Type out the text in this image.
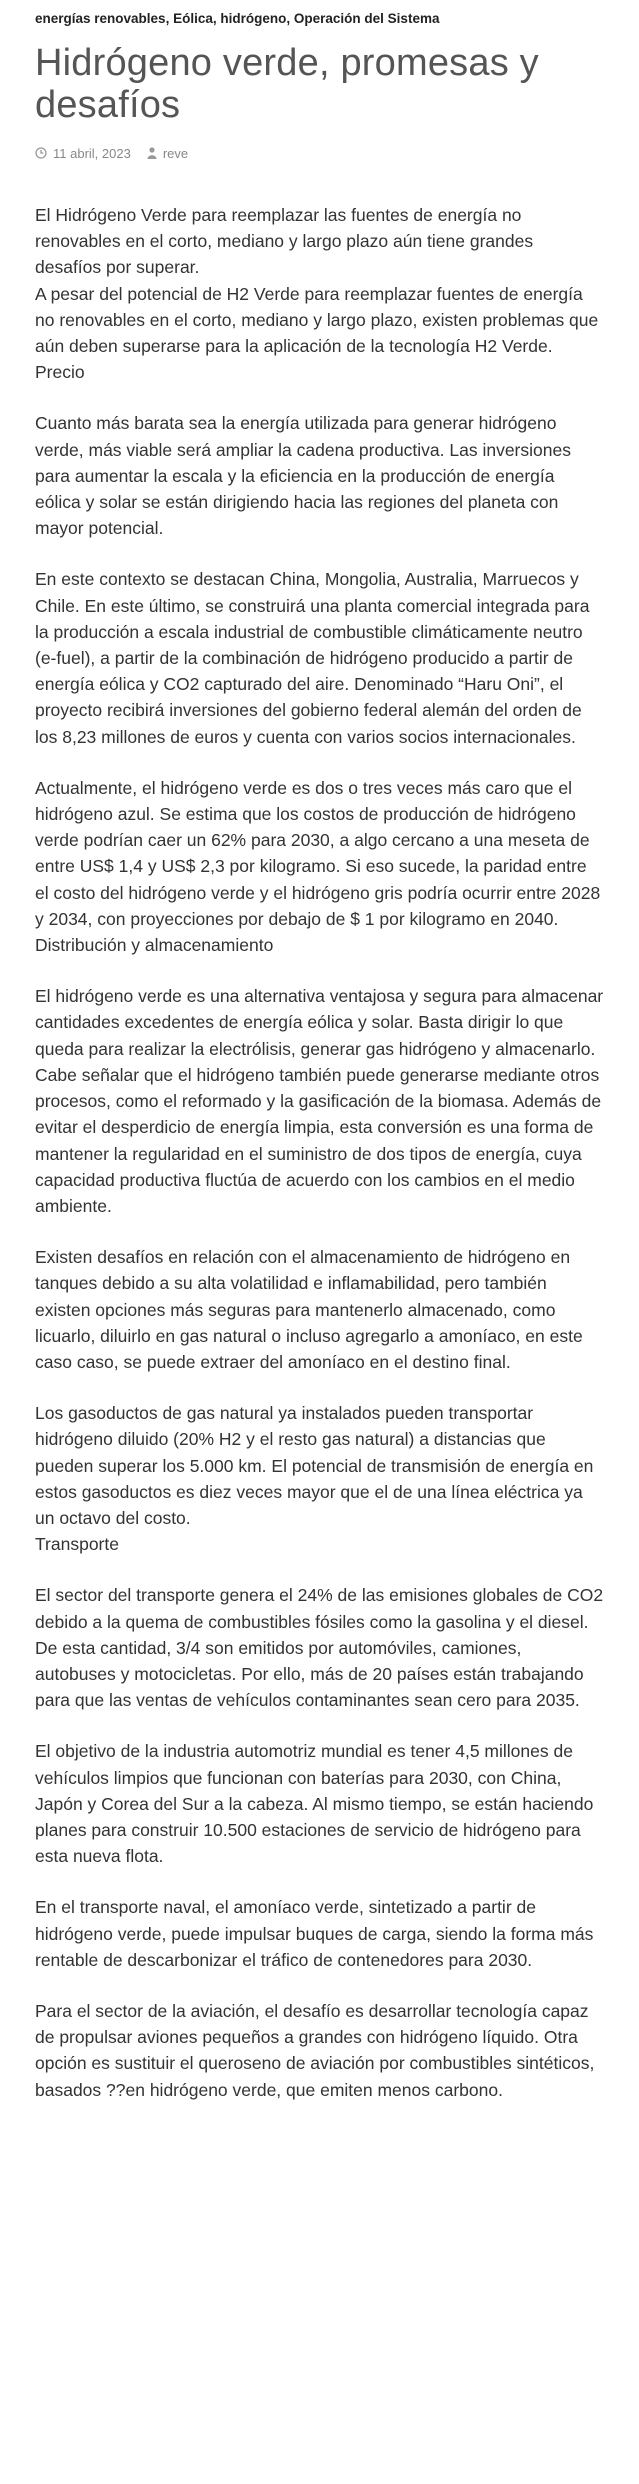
energías renovables, Eólica, hidrógeno, Operación del Sistema
Hidrógeno verde, promesas y desafíos
11 abril, 2023 reve

El Hidrógeno Verde para reemplazar las fuentes de energía no renovables en el corto, mediano y largo plazo aún tiene grandes desafíos por superar.

A pesar del potencial de H2 Verde para reemplazar fuentes de energía no renovables en el corto, mediano y largo plazo, existen problemas que aún deben superarse para la aplicación de la tecnología H2 Verde.

Precio

Cuanto más barata sea la energía utilizada para generar hidrógeno verde, más viable será ampliar la cadena productiva. Las inversiones para aumentar la escala y la eficiencia en la producción de energía eólica y solar se están dirigiendo hacia las regiones del planeta con mayor potencial.

En este contexto se destacan China, Mongolia, Australia, Marruecos y Chile. En este último, se construirá una planta comercial integrada para la producción a escala industrial de combustible climáticamente neutro (e-fuel), a partir de la combinación de hidrógeno producido a partir de energía eólica y CO2 capturado del aire. Denominado “Haru Oni”, el proyecto recibirá inversiones del gobierno federal alemán del orden de los 8,23 millones de euros y cuenta con varios socios internacionales.

Actualmente, el hidrógeno verde es dos o tres veces más caro que el hidrógeno azul. Se estima que los costos de producción de hidrógeno verde podrían caer un 62% para 2030, a algo cercano a una meseta de entre US$ 1,4 y US$ 2,3 por kilogramo. Si eso sucede, la paridad entre el costo del hidrógeno verde y el hidrógeno gris podría ocurrir entre 2028 y 2034, con proyecciones por debajo de $ 1 por kilogramo en 2040.

Distribución y almacenamiento

El hidrógeno verde es una alternativa ventajosa y segura para almacenar cantidades excedentes de energía eólica y solar. Basta dirigir lo que queda para realizar la electrólisis, generar gas hidrógeno y almacenarlo. Cabe señalar que el hidrógeno también puede generarse mediante otros procesos, como el reformado y la gasificación de la biomasa. Además de evitar el desperdicio de energía limpia, esta conversión es una forma de mantener la regularidad en el suministro de dos tipos de energía, cuya capacidad productiva fluctúa de acuerdo con los cambios en el medio ambiente.

Existen desafíos en relación con el almacenamiento de hidrógeno en tanques debido a su alta volatilidad e inflamabilidad, pero también existen opciones más seguras para mantenerlo almacenado, como licuarlo, diluirlo en gas natural o incluso agregarlo a amoníaco, en este caso caso, se puede extraer del amoníaco en el destino final.

Los gasoductos de gas natural ya instalados pueden transportar hidrógeno diluido (20% H2 y el resto gas natural) a distancias que pueden superar los 5.000 km. El potencial de transmisión de energía en estos gasoductos es diez veces mayor que el de una línea eléctrica ya un octavo del costo.

Transporte

El sector del transporte genera el 24% de las emisiones globales de CO2 debido a la quema de combustibles fósiles como la gasolina y el diesel. De esta cantidad, 3/4 son emitidos por automóviles, camiones, autobuses y motocicletas. Por ello, más de 20 países están trabajando para que las ventas de vehículos contaminantes sean cero para 2035.

El objetivo de la industria automotriz mundial es tener 4,5 millones de vehículos limpios que funcionan con baterías para 2030, con China, Japón y Corea del Sur a la cabeza. Al mismo tiempo, se están haciendo planes para construir 10.500 estaciones de servicio de hidrógeno para esta nueva flota.

En el transporte naval, el amoníaco verde, sintetizado a partir de hidrógeno verde, puede impulsar buques de carga, siendo la forma más rentable de descarbonizar el tráfico de contenedores para 2030.

Para el sector de la aviación, el desafío es desarrollar tecnología capaz de propulsar aviones pequeños a grandes con hidrógeno líquido. Otra opción es sustituir el queroseno de aviación por combustibles sintéticos, basados ??en hidrógeno verde, que emiten menos carbono.
